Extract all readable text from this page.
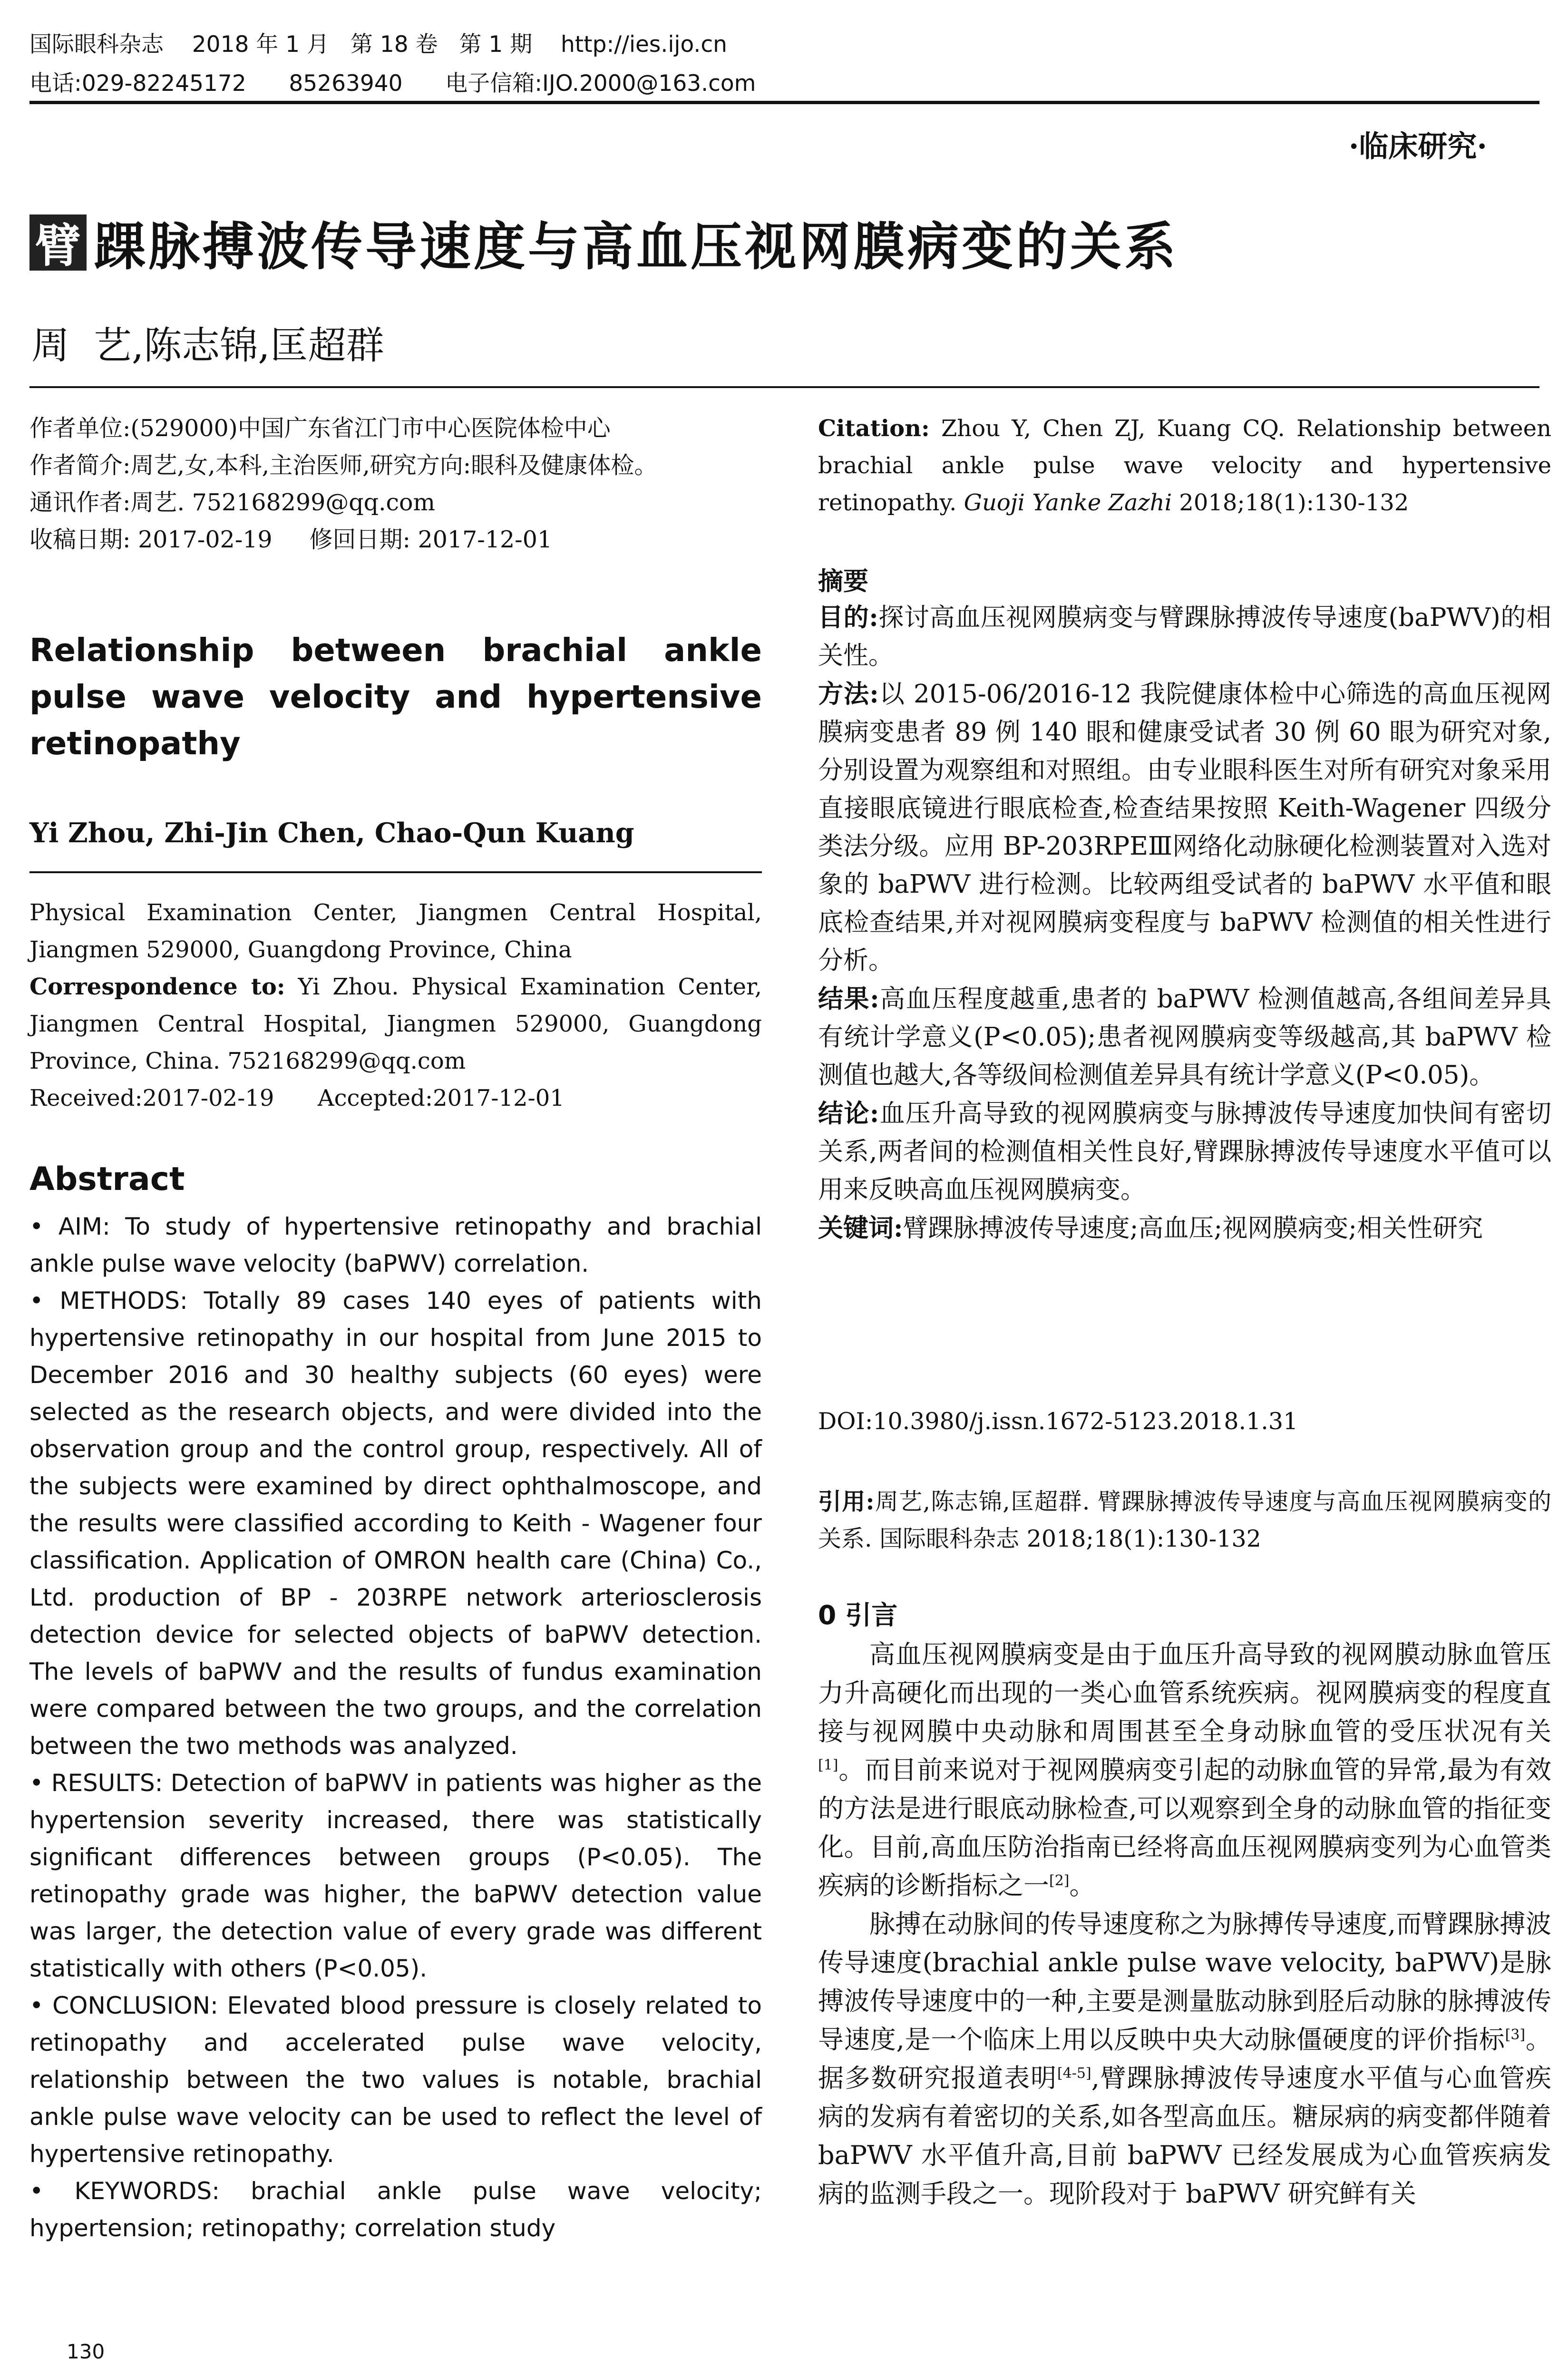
国际眼科杂志    2018 年 1 月   第 18 卷   第 1 期    http://ies.ijo.cn
电话:029-82245172      85263940      电子信箱:IJO.2000@163.com
·临床研究·
臂 踝脉搏波传导速度与高血压视网膜病变的关系
周  艺,陈志锦,匡超群

作者单位:(529000)中国广东省江门市中心医院体检中心

作者简介:周艺,女,本科,主治医师,研究方向:眼科及健康体检。

通讯作者:周艺. 752168299@qq.com

收稿日期: 2017-02-19     修回日期: 2017-12-01

Relationship between brachial ankle pulse wave velocity and hypertensive retinopathy
Yi Zhou, Zhi-Jin Chen, Chao-Qun Kuang

Physical Examination Center, Jiangmen Central Hospital, Jiangmen 529000, Guangdong Province, China

Correspondence to: Yi Zhou. Physical Examination Center, Jiangmen Central Hospital, Jiangmen 529000, Guangdong Province, China. 752168299@qq.com

Received:2017-02-19      Accepted:2017-12-01

Abstract

• AIM: To study of hypertensive retinopathy and brachial ankle pulse wave velocity (baPWV) correlation.

• METHODS: Totally 89 cases 140 eyes of patients with hypertensive retinopathy in our hospital from June 2015 to December 2016 and 30 healthy subjects (60 eyes) were selected as the research objects, and were divided into the observation group and the control group, respectively. All of the subjects were examined by direct ophthalmoscope, and the results were classified according to Keith - Wagener four classification. Application of OMRON health care (China) Co., Ltd. production of BP - 203RPE network arteriosclerosis detection device for selected objects of baPWV detection. The levels of baPWV and the results of fundus examination were compared between the two groups, and the correlation between the two methods was analyzed.

• RESULTS: Detection of baPWV in patients was higher as the hypertension severity increased, there was statistically significant differences between groups (P<0.05). The retinopathy grade was higher, the baPWV detection value was larger, the detection value of every grade was different statistically with others (P<0.05).

• CONCLUSION: Elevated blood pressure is closely related to retinopathy and accelerated pulse wave velocity, relationship between the two values is notable, brachial ankle pulse wave velocity can be used to reflect the level of hypertensive retinopathy.

• KEYWORDS: brachial ankle pulse wave velocity; hypertension; retinopathy; correlation study

130
Citation: Zhou Y, Chen ZJ, Kuang CQ. Relationship between brachial ankle pulse wave velocity and hypertensive retinopathy. Guoji Yanke Zazhi 2018;18(1):130-132
摘要

目的:探讨高血压视网膜病变与臂踝脉搏波传导速度(baPWV)的相关性。

方法:以 2015-06/2016-12 我院健康体检中心筛选的高血压视网膜病变患者 89 例 140 眼和健康受试者 30 例 60 眼为研究对象,分别设置为观察组和对照组。由专业眼科医生对所有研究对象采用直接眼底镜进行眼底检查,检查结果按照 Keith-Wagener 四级分类法分级。应用 BP-203RPEⅢ网络化动脉硬化检测装置对入选对象的 baPWV 进行检测。比较两组受试者的 baPWV 水平值和眼底检查结果,并对视网膜病变程度与 baPWV 检测值的相关性进行分析。

结果:高血压程度越重,患者的 baPWV 检测值越高,各组间差异具有统计学意义(P<0.05);患者视网膜病变等级越高,其 baPWV 检测值也越大,各等级间检测值差异具有统计学意义(P<0.05)。

结论:血压升高导致的视网膜病变与脉搏波传导速度加快间有密切关系,两者间的检测值相关性良好,臂踝脉搏波传导速度水平值可以用来反映高血压视网膜病变。

关键词:臂踝脉搏波传导速度;高血压;视网膜病变;相关性研究

DOI:10.3980/j.issn.1672-5123.2018.1.31
引用:周艺,陈志锦,匡超群. 臂踝脉搏波传导速度与高血压视网膜病变的关系. 国际眼科杂志 2018;18(1):130-132
0 引言

高血压视网膜病变是由于血压升高导致的视网膜动脉血管压力升高硬化而出现的一类心血管系统疾病。视网膜病变的程度直接与视网膜中央动脉和周围甚至全身动脉血管的受压状况有关[1]。而目前来说对于视网膜病变引起的动脉血管的异常,最为有效的方法是进行眼底动脉检查,可以观察到全身的动脉血管的指征变化。目前,高血压防治指南已经将高血压视网膜病变列为心血管类疾病的诊断指标之一[2]。

脉搏在动脉间的传导速度称之为脉搏传导速度,而臂踝脉搏波传导速度(brachial ankle pulse wave velocity, baPWV)是脉搏波传导速度中的一种,主要是测量肱动脉到胫后动脉的脉搏波传导速度,是一个临床上用以反映中央大动脉僵硬度的评价指标[3]。据多数研究报道表明[4-5],臂踝脉搏波传导速度水平值与心血管疾病的发病有着密切的关系,如各型高血压。糖尿病的病变都伴随着 baPWV 水平值升高,目前 baPWV 已经发展成为心血管疾病发病的监测手段之一。现阶段对于 baPWV 研究鲜有关
